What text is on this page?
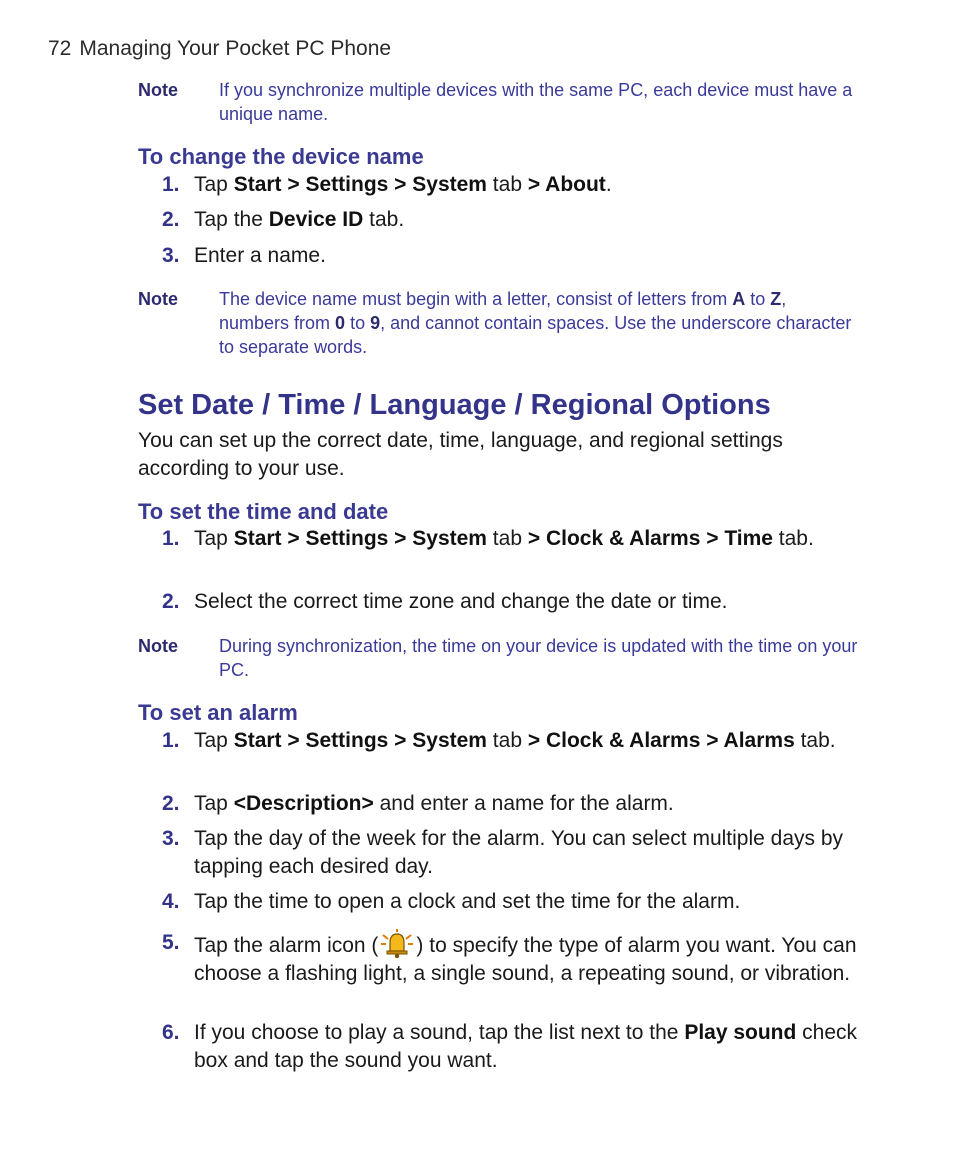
72 Managing Your Pocket PC Phone
Note	If you synchronize multiple devices with the same PC, each device must have a unique name.
To change the device name
1. Tap Start > Settings > System tab > About.
2. Tap the Device ID tab.
3. Enter a name.
Note	The device name must begin with a letter, consist of letters from A to Z, numbers from 0 to 9, and cannot contain spaces. Use the underscore character to separate words.
Set Date / Time / Language / Regional Options
You can set up the correct date, time, language, and regional settings according to your use.
To set the time and date
1. Tap Start > Settings > System tab > Clock & Alarms > Time tab.
2. Select the correct time zone and change the date or time.
Note	During synchronization, the time on your device is updated with the time on your PC.
To set an alarm
1. Tap Start > Settings > System tab > Clock & Alarms > Alarms tab.
2. Tap <Description> and enter a name for the alarm.
3. Tap the day of the week for the alarm. You can select multiple days by tapping each desired day.
4. Tap the time to open a clock and set the time for the alarm.
5. Tap the alarm icon ( ) to specify the type of alarm you want. You can choose a flashing light, a single sound, a repeating sound, or vibration.
6. If you choose to play a sound, tap the list next to the Play sound check box and tap the sound you want.
